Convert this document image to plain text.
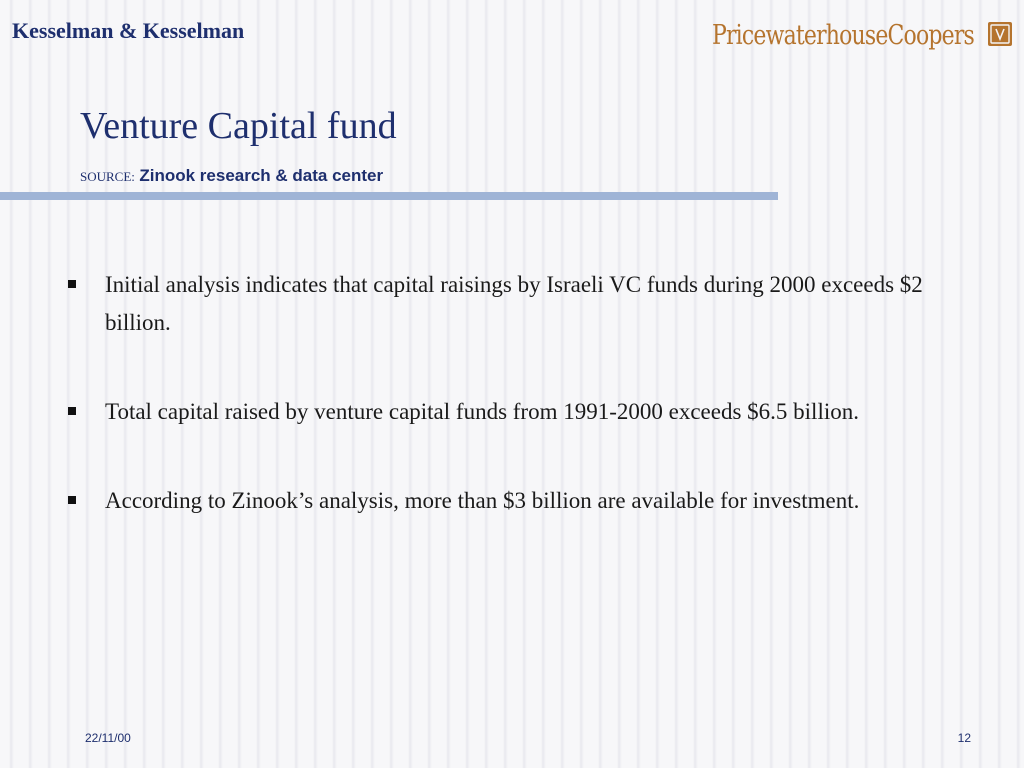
Kesselman & Kesselman	PricewaterhouseCoopers
Venture Capital fund
SOURCE: Zinook research & data center
Initial analysis indicates that capital raisings by Israeli VC funds during 2000 exceeds $2 billion.
Total capital raised by venture capital funds from 1991-2000 exceeds $6.5 billion.
According to Zinook’s analysis, more than $3 billion are available for investment.
22/11/00	12
